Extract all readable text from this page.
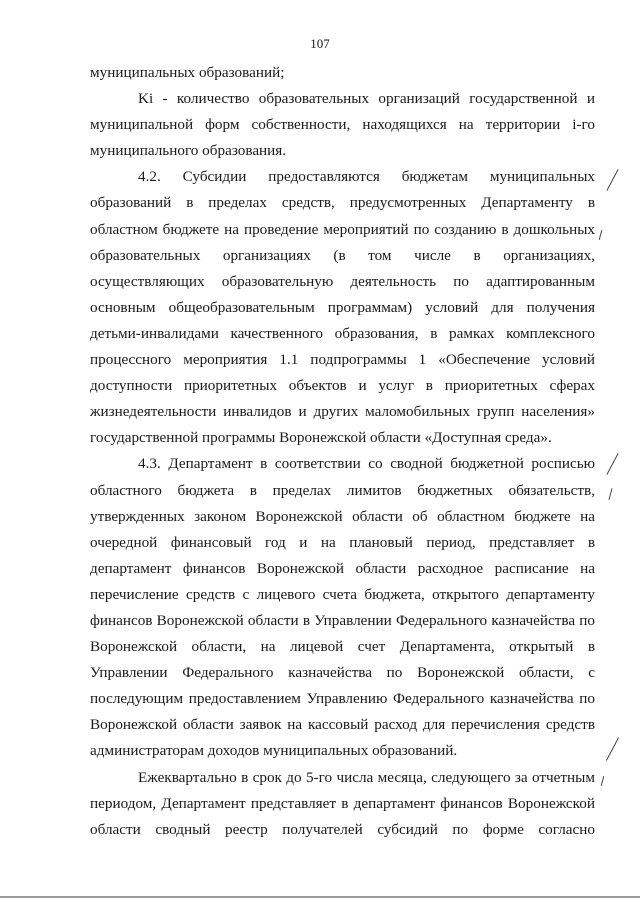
107
муниципальных образований;
Ki - количество образовательных организаций государственной и
муниципальной форм собственности, находящихся на территории i-го
муниципального образования.
4.2. Субсидии предоставляются бюджетам муниципальных
образований в пределах средств, предусмотренных Департаменту в
областном бюджете на проведение мероприятий по созданию в дошкольных
образовательных организациях (в том числе в организациях,
осуществляющих образовательную деятельность по адаптированным
основным общеобразовательным программам) условий для получения
детьми-инвалидами качественного образования, в рамках комплексного
процессного мероприятия 1.1 подпрограммы 1 «Обеспечение условий
доступности приоритетных объектов и услуг в приоритетных сферах
жизнедеятельности инвалидов и других маломобильных групп населения»
государственной программы Воронежской области «Доступная среда».
4.3. Департамент в соответствии со сводной бюджетной росписью
областного бюджета в пределах лимитов бюджетных обязательств,
утвержденных законом Воронежской области об областном бюджете на
очередной финансовый год и на плановый период, представляет в
департамент финансов Воронежской области расходное расписание на
перечисление средств с лицевого счета бюджета, открытого департаменту
финансов Воронежской области в Управлении Федерального казначейства по
Воронежской области, на лицевой счет Департамента, открытый в
Управлении Федерального казначейства по Воронежской области, с
последующим предоставлением Управлению Федерального казначейства по
Воронежской области заявок на кассовый расход для перечисления средств
администраторам доходов муниципальных образований.
Ежеквартально в срок до 5-го числа месяца, следующего за отчетным
периодом, Департамент представляет в департамент финансов Воронежской
области сводный реестр получателей субсидий по форме согласно
